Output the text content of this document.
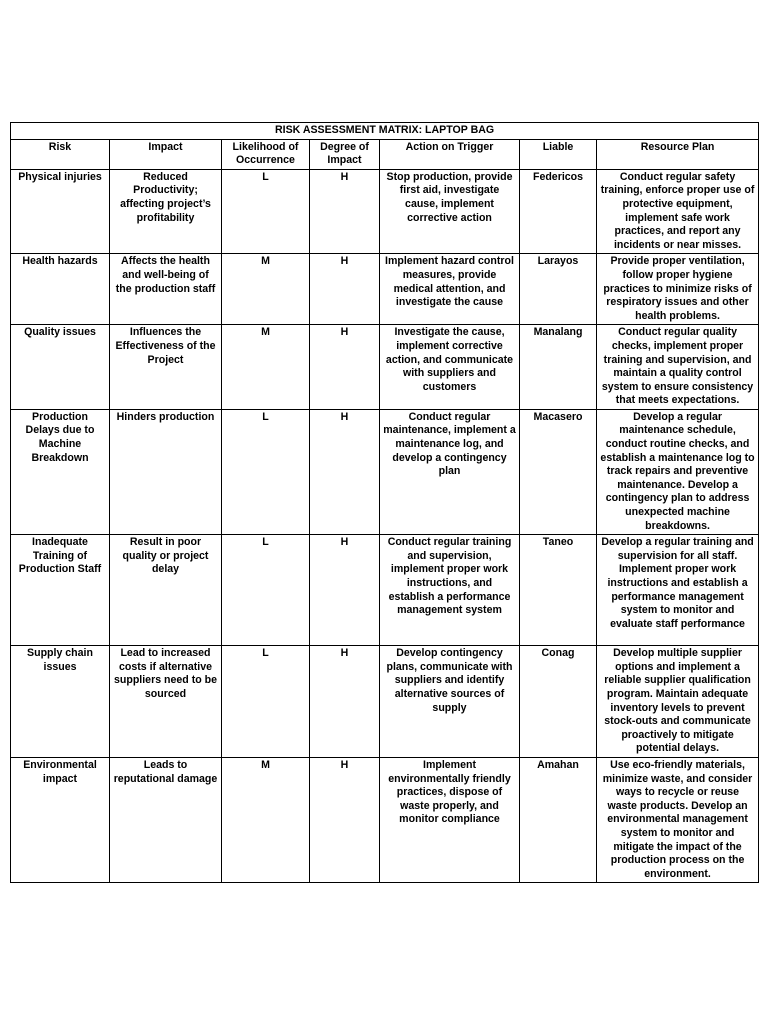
RISK ASSESSMENT MATRIX: LAPTOP BAG						
Risk	Impact	Likelihood of Occurrence	Degree of Impact	Action on Trigger	Liable	Resource Plan
Physical injuries	Reduced Productivity; affecting project’s profitability	L	H	Stop production, provide first aid, investigate cause, implement corrective action	Federicos	Conduct regular safety training, enforce proper use of protective equipment, implement safe work practices, and report any incidents or near misses.
Health hazards	Affects the health and well-being of the production staff	M	H	Implement hazard control measures, provide medical attention, and investigate the cause	Larayos	Provide proper ventilation, follow proper hygiene practices to minimize risks of respiratory issues and other health problems.
Quality issues	Influences the Effectiveness of the Project	M	H	Investigate the cause, implement corrective action, and communicate with suppliers and customers	Manalang	Conduct regular quality checks, implement proper training and supervision, and maintain a quality control system to ensure consistency that meets expectations.
Production Delays due to Machine Breakdown	Hinders production	L	H	Conduct regular maintenance, implement a maintenance log, and develop a contingency plan	Macasero	Develop a regular maintenance schedule, conduct routine checks, and establish a maintenance log to track repairs and preventive maintenance. Develop a contingency plan to address unexpected machine breakdowns.
Inadequate Training of Production Staff	Result in poor quality or project delay	L	H	Conduct regular training and supervision, implement proper work instructions, and establish a performance management system	Taneo	Develop a regular training and supervision for all staff. Implement proper work instructions and establish a performance management system to monitor and evaluate staff performance
Supply chain issues	Lead to increased costs if alternative suppliers need to be sourced	L	H	Develop contingency plans, communicate with suppliers and identify alternative sources of supply	Conag	Develop multiple supplier options and implement a reliable supplier qualification program. Maintain adequate inventory levels to prevent stock-outs and communicate proactively to mitigate potential delays.
Environmental impact	Leads to reputational damage	M	H	Implement environmentally friendly practices, dispose of waste properly, and monitor compliance	Amahan	Use eco-friendly materials, minimize waste, and consider ways to recycle or reuse waste products. Develop an environmental management system to monitor and mitigate the impact of the production process on the environment.
